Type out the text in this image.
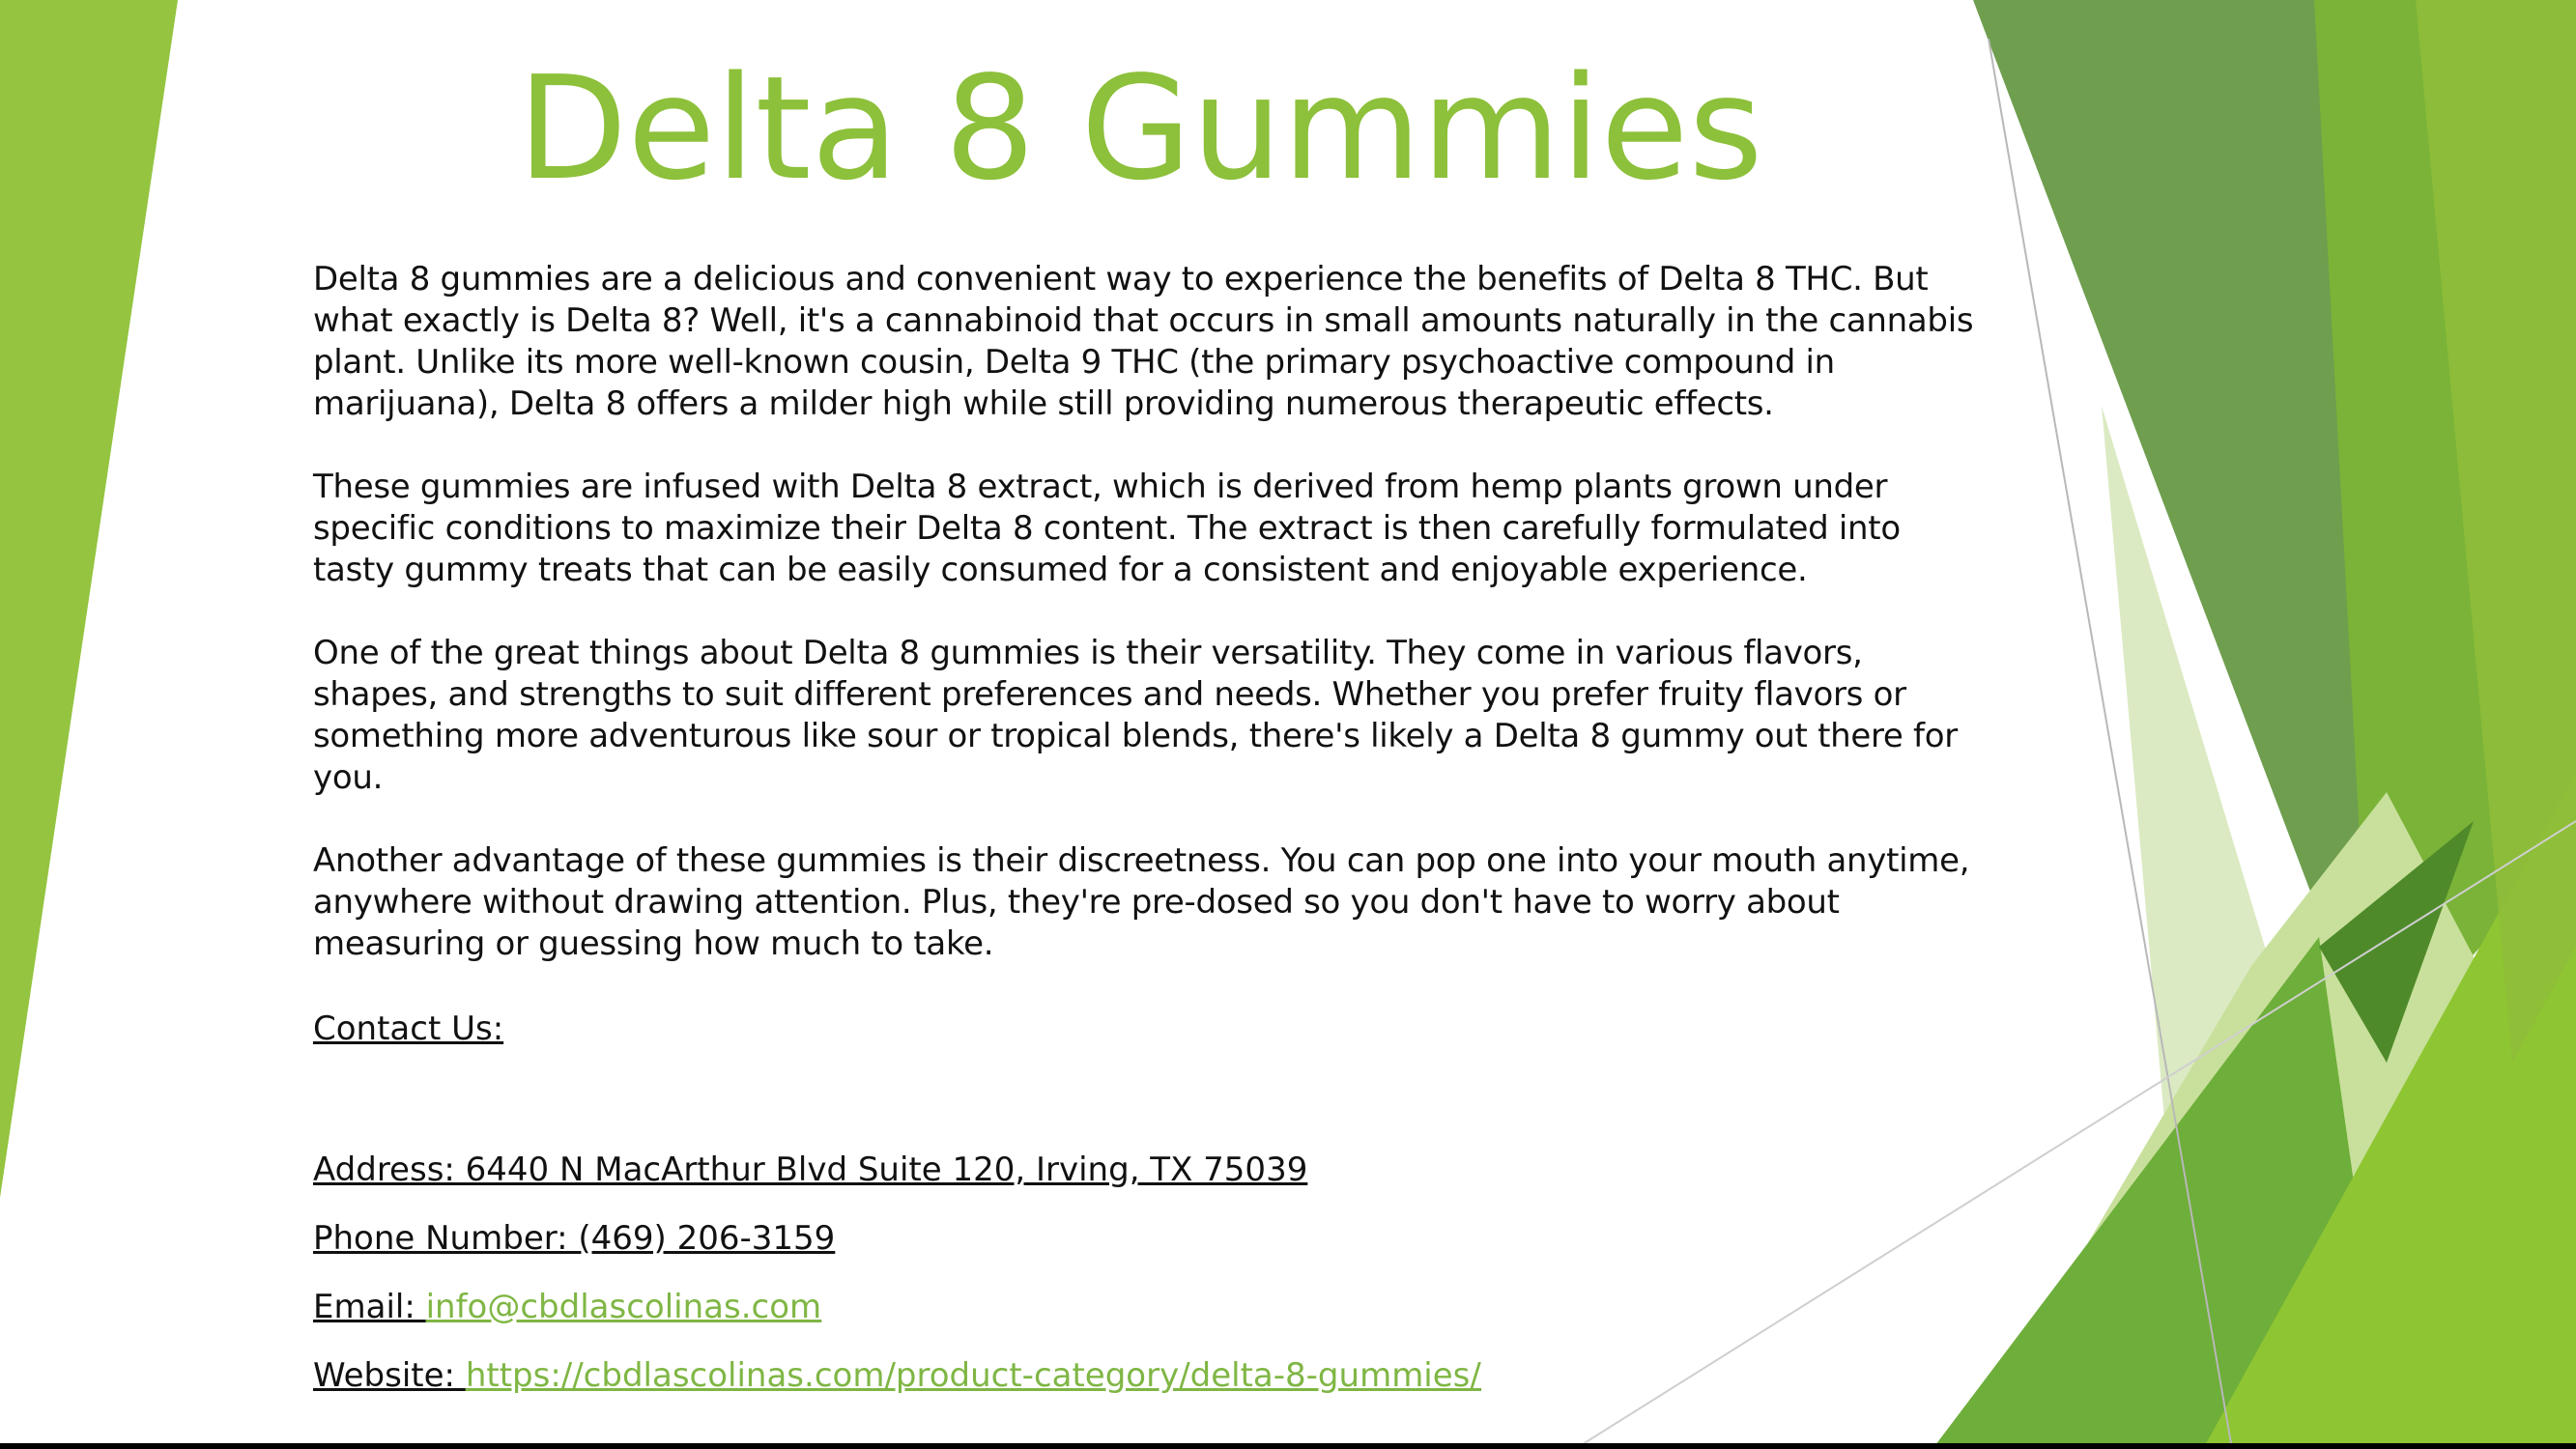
Delta 8 Gummies

Delta 8 gummies are a delicious and convenient way to experience the benefits of Delta 8 THC. But what exactly is Delta 8? Well, it's a cannabinoid that occurs in small amounts naturally in the cannabis plant. Unlike its more well-known cousin, Delta 9 THC (the primary psychoactive compound in marijuana), Delta 8 offers a milder high while still providing numerous therapeutic effects.

These gummies are infused with Delta 8 extract, which is derived from hemp plants grown under specific conditions to maximize their Delta 8 content. The extract is then carefully formulated into tasty gummy treats that can be easily consumed for a consistent and enjoyable experience.

One of the great things about Delta 8 gummies is their versatility. They come in various flavors, shapes, and strengths to suit different preferences and needs. Whether you prefer fruity flavors or something more adventurous like sour or tropical blends, there's likely a Delta 8 gummy out there for you.

Another advantage of these gummies is their discreetness. You can pop one into your mouth anytime, anywhere without drawing attention. Plus, they're pre-dosed so you don't have to worry about measuring or guessing how much to take.

Contact Us:

Address: 6440 N MacArthur Blvd Suite 120, Irving, TX 75039

Phone Number: (469) 206-3159

Email: info@cbdlascolinas.com

Website: https://cbdlascolinas.com/product-category/delta-8-gummies/
